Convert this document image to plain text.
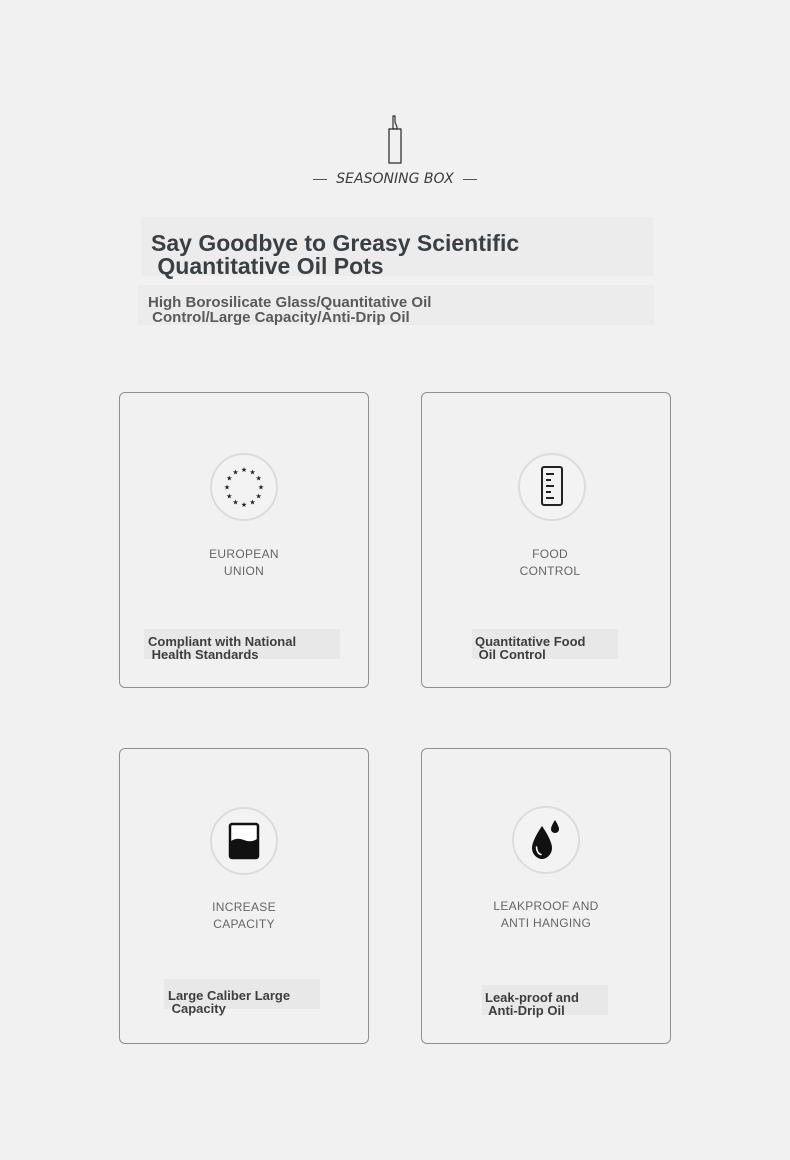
SEASONING BOX
Say Goodbye to Greasy Scientific
Quantitative Oil Pots
High Borosilicate Glass/Quantitative Oil
Control/Large Capacity/Anti-Drip Oil
★ ★
★
★
★
★
★
★
★
★
★
★
EUROPEAN
UNION
Compliant with National
Health Standards
FOOD
CONTROL
Quantitative Food
Oil Control
INCREASE
CAPACITY
Large Caliber Large
Capacity
LEAKPROOF AND
ANTI HANGING
Leak-proof and
Anti-Drip Oil
